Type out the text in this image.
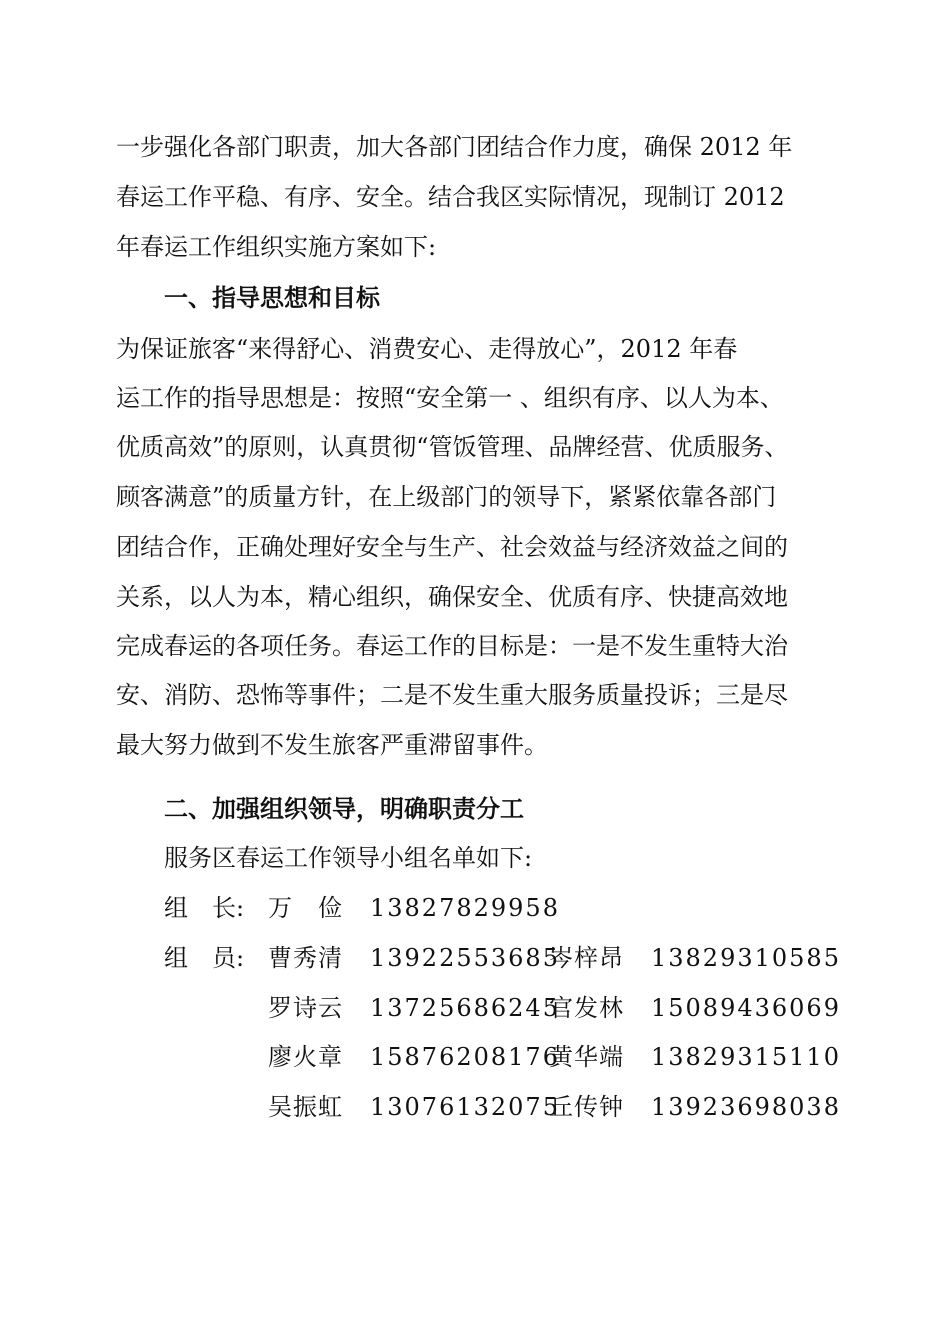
一步强化各部门职责，加大各部门团结合作力度，确保 2012 年
春运工作平稳、有序、安全。结合我区实际情况，现制订 2012
年春运工作组织实施方案如下:
一、指导思想和目标
为保证旅客“来得舒心、消费安心、走得放心”，2012 年春
运工作的指导思想是：按照“安全第一 、组织有序、以人为本、
优质高效”的原则，认真贯彻“管饭管理、品牌经营、优质服务、
顾客满意”的质量方针，在上级部门的领导下，紧紧依靠各部门
团结合作，正确处理好安全与生产、社会效益与经济效益之间的
关系，以人为本，精心组织，确保安全、优质有序、快捷高效地
完成春运的各项任务。春运工作的目标是：一是不发生重特大治
安、消防、恐怖等事件；二是不发生重大服务质量投诉；三是尽
最大努力做到不发生旅客严重滞留事件。
二、加强组织领导，明确职责分工
服务区春运工作领导小组名单如下:
组　长: 万　俭 13827829958
组　员: 曹秀清 13922553685
岑梓昂 13829310585
罗诗云 13725686245
官发林 15089436069
廖火章 15876208176
黄华端 13829315110
吴振虹 13076132075
丘传钟 13923698038
